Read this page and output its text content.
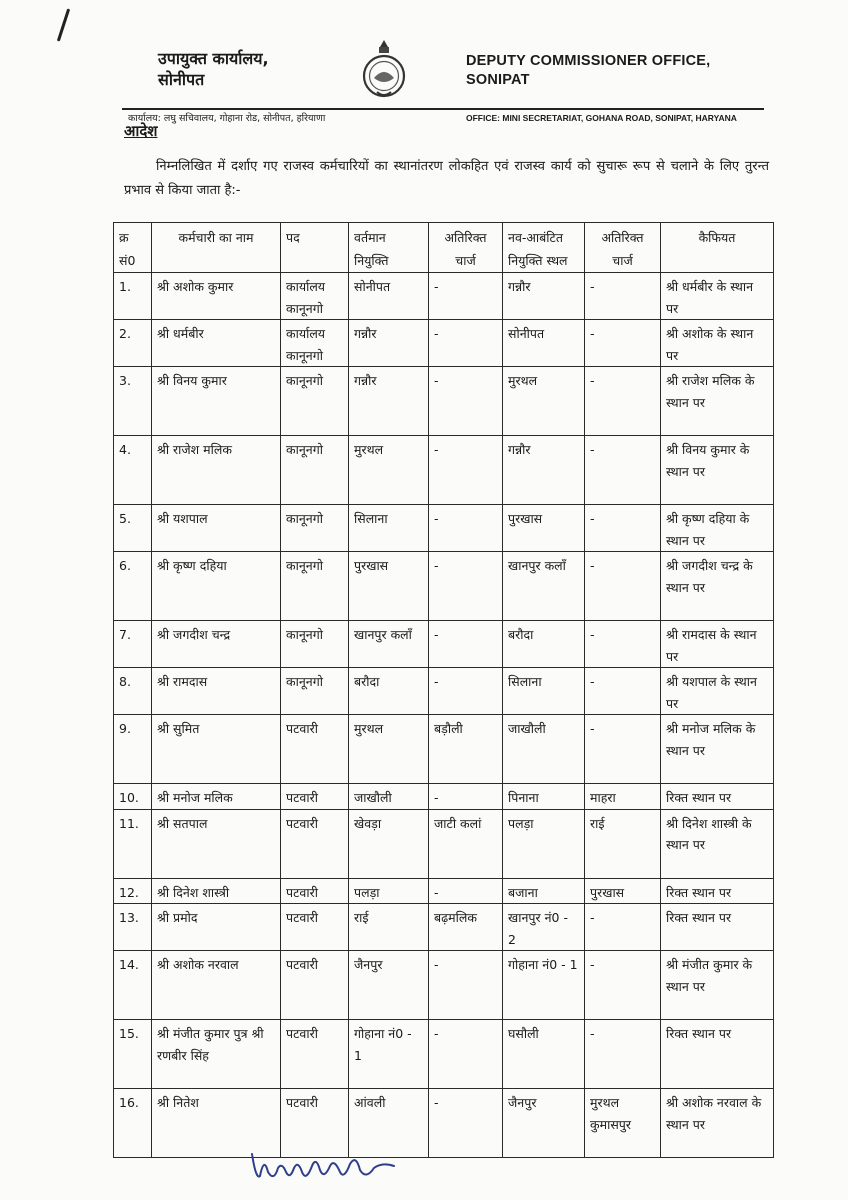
उपायुक्त कार्यालय,
सोनीपत
DEPUTY COMMISSIONER OFFICE,
SONIPAT
कार्यालय: लघु सचिवालय, गोहाना रोड, सोनीपत, हरियाणा	OFFICE: MINI SECRETARIAT, GOHANA ROAD, SONIPAT, HARYANA
आदेश
निम्नलिखित में दर्शाए गए राजस्व कर्मचारियों का स्थानांतरण लोकहित एवं राजस्व कार्य को सुचारू रूप से चलाने के लिए तुरन्त प्रभाव से किया जाता है:-
क्र सं0	कर्मचारी का नाम	पद	वर्तमान नियुक्ति	अतिरिक्त चार्ज	नव-आबंटित नियुक्ति स्थल	अतिरिक्त चार्ज	कैफियत
1.	श्री अशोक कुमार	कार्यालय कानूनगो	सोनीपत	-	गन्नौर	-	श्री धर्मबीर के स्थान पर
2.	श्री धर्मबीर	कार्यालय कानूनगो	गन्नौर	-	सोनीपत	-	श्री अशोक के स्थान पर
3.	श्री विनय कुमार	कानूनगो	गन्नौर	-	मुरथल	-	श्री राजेश मलिक के स्थान पर
4.	श्री राजेश मलिक	कानूनगो	मुरथल	-	गन्नौर	-	श्री विनय कुमार के स्थान पर
5.	श्री यशपाल	कानूनगो	सिलाना	-	पुरखास	-	श्री कृष्ण दहिया के स्थान पर
6.	श्री कृष्ण दहिया	कानूनगो	पुरखास	-	खानपुर कलाँ	-	श्री जगदीश चन्द्र के स्थान पर
7.	श्री जगदीश चन्द्र	कानूनगो	खानपुर कलाँ	-	बरौदा	-	श्री रामदास के स्थान पर
8.	श्री रामदास	कानूनगो	बरौदा	-	सिलाना	-	श्री यशपाल के स्थान पर
9.	श्री सुमित	पटवारी	मुरथल	बड़ौली	जाखौली	-	श्री मनोज मलिक के स्थान पर
10.	श्री मनोज मलिक	पटवारी	जाखौली	-	पिनाना	माहरा	रिक्त स्थान पर
11.	श्री सतपाल	पटवारी	खेवड़ा	जाटी कलां	पलड़ा	राई	श्री दिनेश शास्त्री के स्थान पर
12.	श्री दिनेश शास्त्री	पटवारी	पलड़ा	-	बजाना	पुरखास	रिक्त स्थान पर
13.	श्री प्रमोद	पटवारी	राई	बढ़मलिक	खानपुर नं0 - 2	-	रिक्त स्थान पर
14.	श्री अशोक नरवाल	पटवारी	जैनपुर	-	गोहाना नं0 - 1	-	श्री मंजीत कुमार के स्थान पर
15.	श्री मंजीत कुमार पुत्र श्री रणबीर सिंह	पटवारी	गोहाना नं0 - 1	-	घसौली	-	रिक्त स्थान पर
16.	श्री नितेश	पटवारी	आंवली	-	जैनपुर	मुरथल कुमासपुर	श्री अशोक नरवाल के स्थान पर
